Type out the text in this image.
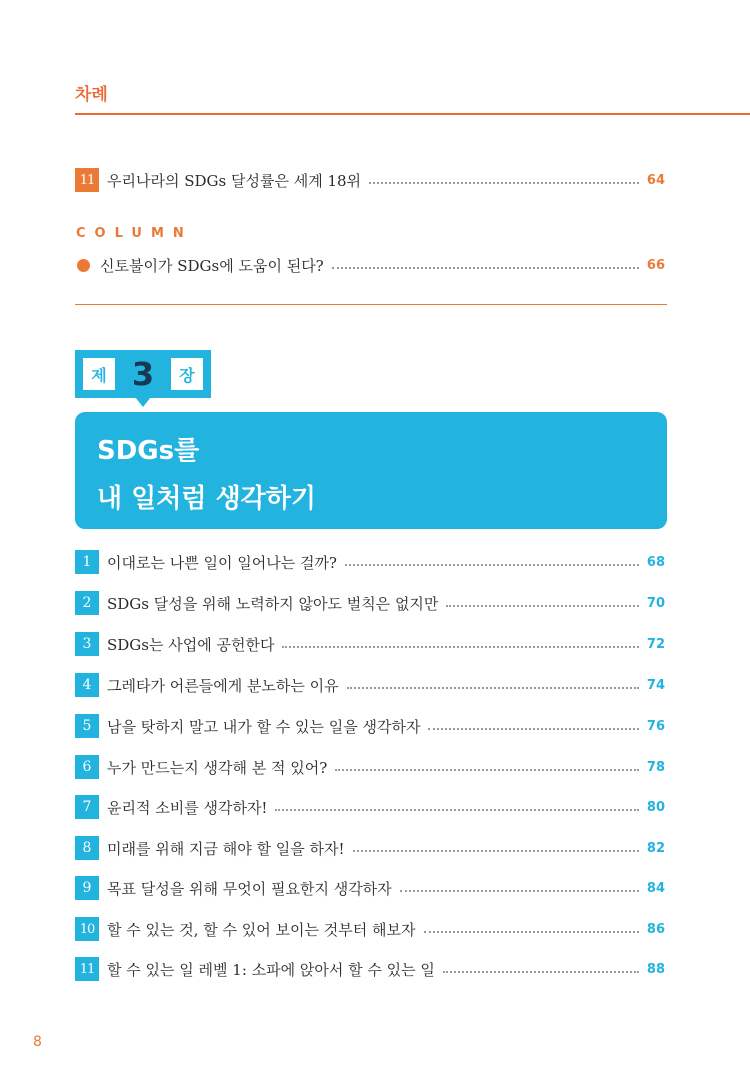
차례
11 우리나라의 SDGs 달성률은 세계 18위	64
COLUMN
신토불이가 SDGs에 도움이 된다?	66
제 3	장
SDGs를
내 일처럼 생각하기
1	이대로는 나쁜 일이 일어나는 걸까?	68
2	SDGs 달성을 위해 노력하지 않아도 벌칙은 없지만	70
3	SDGs는 사업에 공헌한다	72
4	그레타가 어른들에게 분노하는 이유	74
5	남을 탓하지 말고 내가 할 수 있는 일을 생각하자	76
6	누가 만드는지 생각해 본 적 있어?	78
7	윤리적 소비를 생각하자!	80
8	미래를 위해 지금 해야 할 일을 하자!	82
9	목표 달성을 위해 무엇이 필요한지 생각하자	84
10 할 수 있는 것, 할 수 있어 보이는 것부터 해보자	86
11 할 수 있는 일 레벨 1: 소파에 앉아서 할 수 있는 일	88
8
